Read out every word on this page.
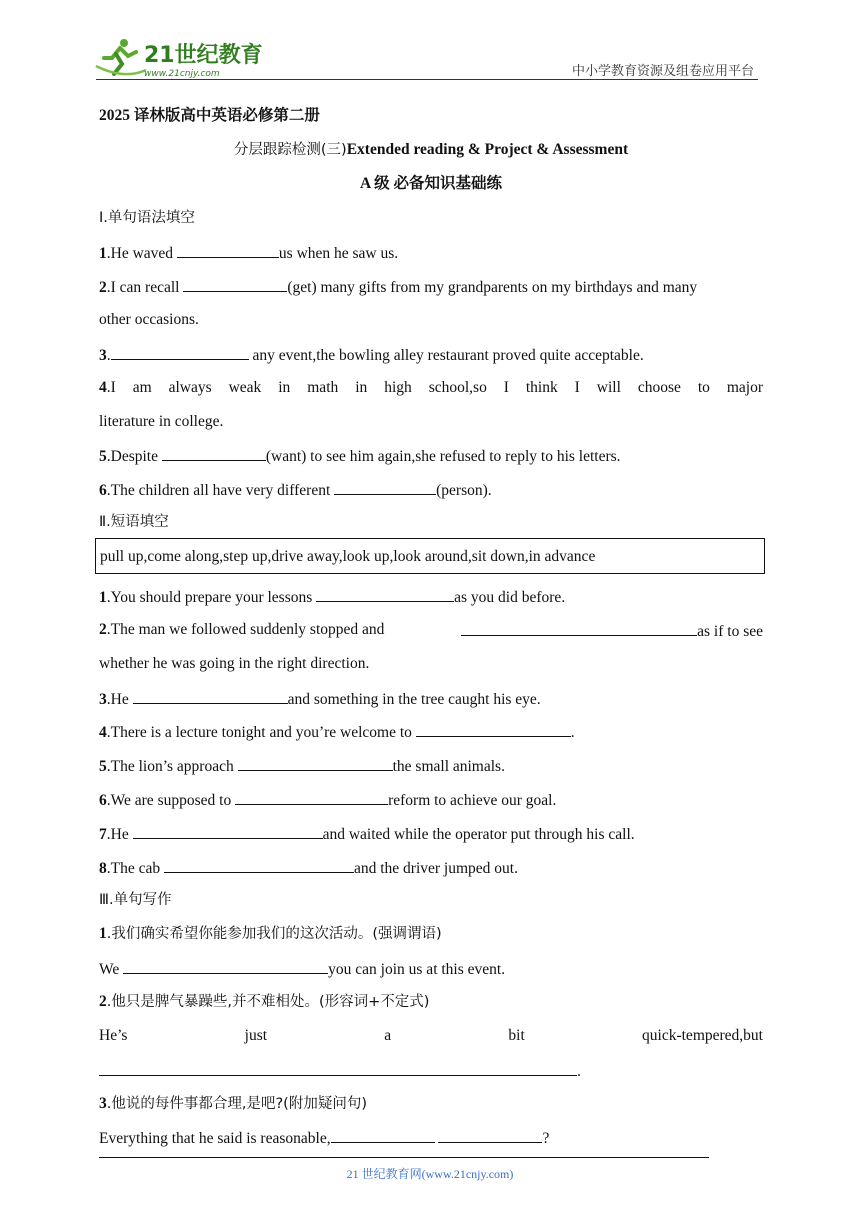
21世纪教育
www.21cnjy.com	中小学教育资源及组卷应用平台
2025 译林版高中英语必修第二册
分层跟踪检测(三)Extended reading & Project & Assessment
A 级 必备知识基础练
Ⅰ.单句语法填空
1.He waved	us when he saw us.
2.I can recall	(get) many gifts from my grandparents on my birthdays and many
other occasions.
3.	any event,the bowling alley restaurant proved quite acceptable.
4.I am always weak in math in high school,so I think I will choose to major
literature in college.
5.Despite	(want) to see him again,she refused to reply to his letters.
6.The children all have very different	(person).
Ⅱ.短语填空
pull up,come along,step up,drive away,look up,look around,sit down,in advance
1.You should prepare your lessons	as you did before.
2.The man we followed suddenly stopped and	as if to see
whether he was going in the right direction.
3.He	and something in the tree caught his eye.
4.There is a lecture tonight and you’re welcome to	.
5.The lion’s approach	the small animals.
6.We are supposed to	reform to achieve our goal.
7.He	and waited while the operator put through his call.
8.The cab	and the driver jumped out.
Ⅲ.单句写作
1.我们确实希望你能参加我们的这次活动。(强调谓语)
We	you can join us at this event.
2.他只是脾气暴躁些,并不难相处。(形容词+不定式)
He’s	just	a	bit	quick-tempered,but
.
3.他说的每件事都合理,是吧?(附加疑问句)
Everything that he said is reasonable,	?
21 世纪教育网(www.21cnjy.com)
